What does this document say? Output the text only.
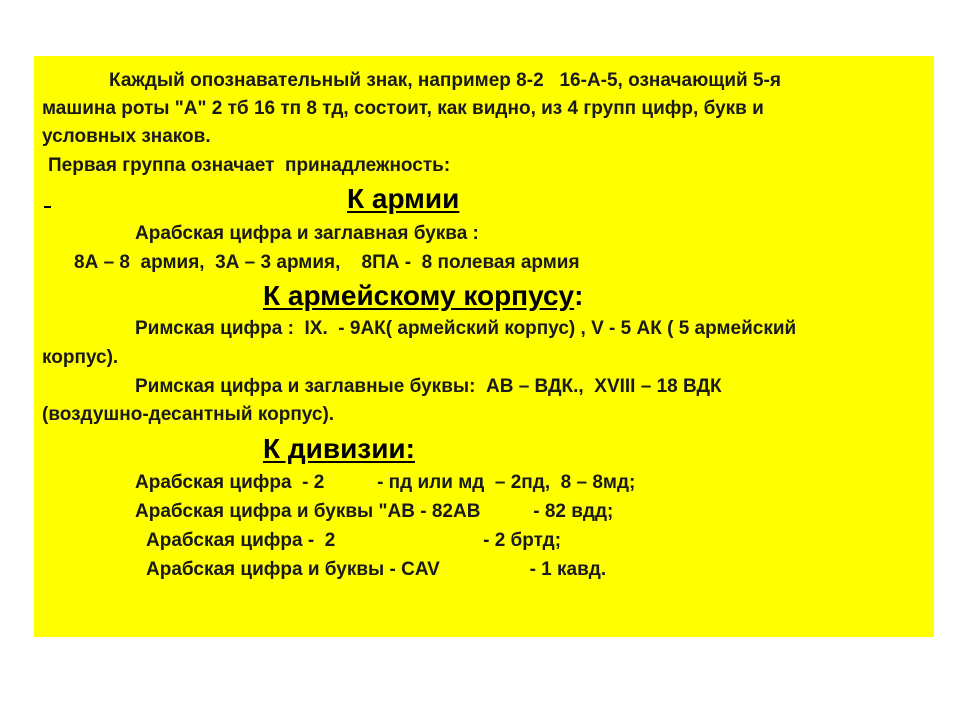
Каждый опознавательный знак, например 8-2   16-А-5, означающий 5-я

машина роты "А" 2 тб 16 тп 8 тд, состоит, как видно, из 4 групп цифр, букв и

условных знаков.

Первая группа означает  принадлежность:

К армии

Арабская цифра и заглавная буква :

8А – 8  армия,  3А – 3 армия,    8ПА -  8 полевая армия

К армейскому корпусу:

Римская цифра :  IX.  - 9АК( армейский корпус) , V - 5 АК ( 5 армейский

корпус).

Римская цифра и заглавные буквы:  АВ – ВДК.,  XVIII – 18 ВДК

(воздушно-десантный корпус).

К дивизии:

Арабская цифра  - 2          - пд или мд  – 2пд,  8 – 8мд;

Арабская цифра и буквы "АВ - 82АВ          - 82 вдд;

Арабская цифра -  2                            - 2 бртд;

Арабская цифра и буквы - CAV                 - 1 кавд.
